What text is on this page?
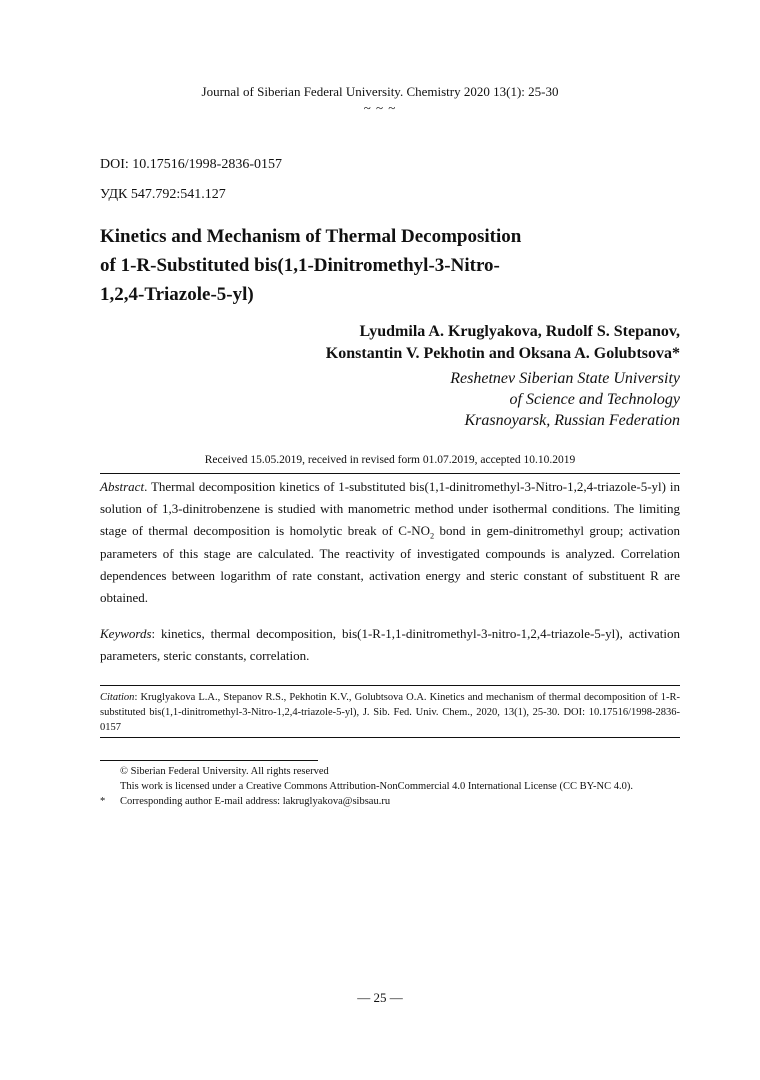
Journal of Siberian Federal University. Chemistry 2020 13(1): 25-30
~ ~ ~
DOI: 10.17516/1998-2836-0157
УДК 547.792:541.127
Kinetics and Mechanism of Thermal Decomposition
of 1-R-Substituted bis(1,1-Dinitromethyl-3-Nitro-
1,2,4-Triazole-5-yl)
Lyudmila A. Kruglyakova, Rudolf S. Stepanov,
Konstantin V. Pekhotin and Oksana A. Golubtsova*
Reshetnev Siberian State University
of Science and Technology
Krasnoyarsk, Russian Federation
Received 15.05.2019, received in revised form 01.07.2019, accepted 10.10.2019
Abstract. Thermal decomposition kinetics of 1-substituted bis(1,1-dinitromethyl-3-Nitro-1,2,4-triazole-5-yl) in solution of 1,3-dinitrobenzene is studied with manometric method under isothermal conditions. The limiting stage of thermal decomposition is homolytic break of $C-NO_2$ bond in gem-dinitromethyl group; activation parameters of this stage are calculated. The reactivity of investigated compounds is analyzed. Correlation dependences between logarithm of rate constant, activation energy and steric constant of substituent R are obtained.
Keywords: kinetics, thermal decomposition, bis(1-R-1,1-dinitromethyl-3-nitro-1,2,4-triazole-5-yl), activation parameters, steric constants, correlation.
Citation: Kruglyakova L.A., Stepanov R.S., Pekhotin K.V., Golubtsova O.A. Kinetics and mechanism of thermal decomposition of 1-R-substituted bis(1,1-dinitromethyl-3-Nitro-1,2,4-triazole-5-yl), J. Sib. Fed. Univ. Chem., 2020, 13(1), 25-30. DOI: 10.17516/1998-2836-0157
© Siberian Federal University. All rights reserved
This work is licensed under a Creative Commons Attribution-NonCommercial 4.0 International License (CC BY-NC 4.0).
* Corresponding author E-mail address: lakruglyakova@sibsau.ru
— 25 —
